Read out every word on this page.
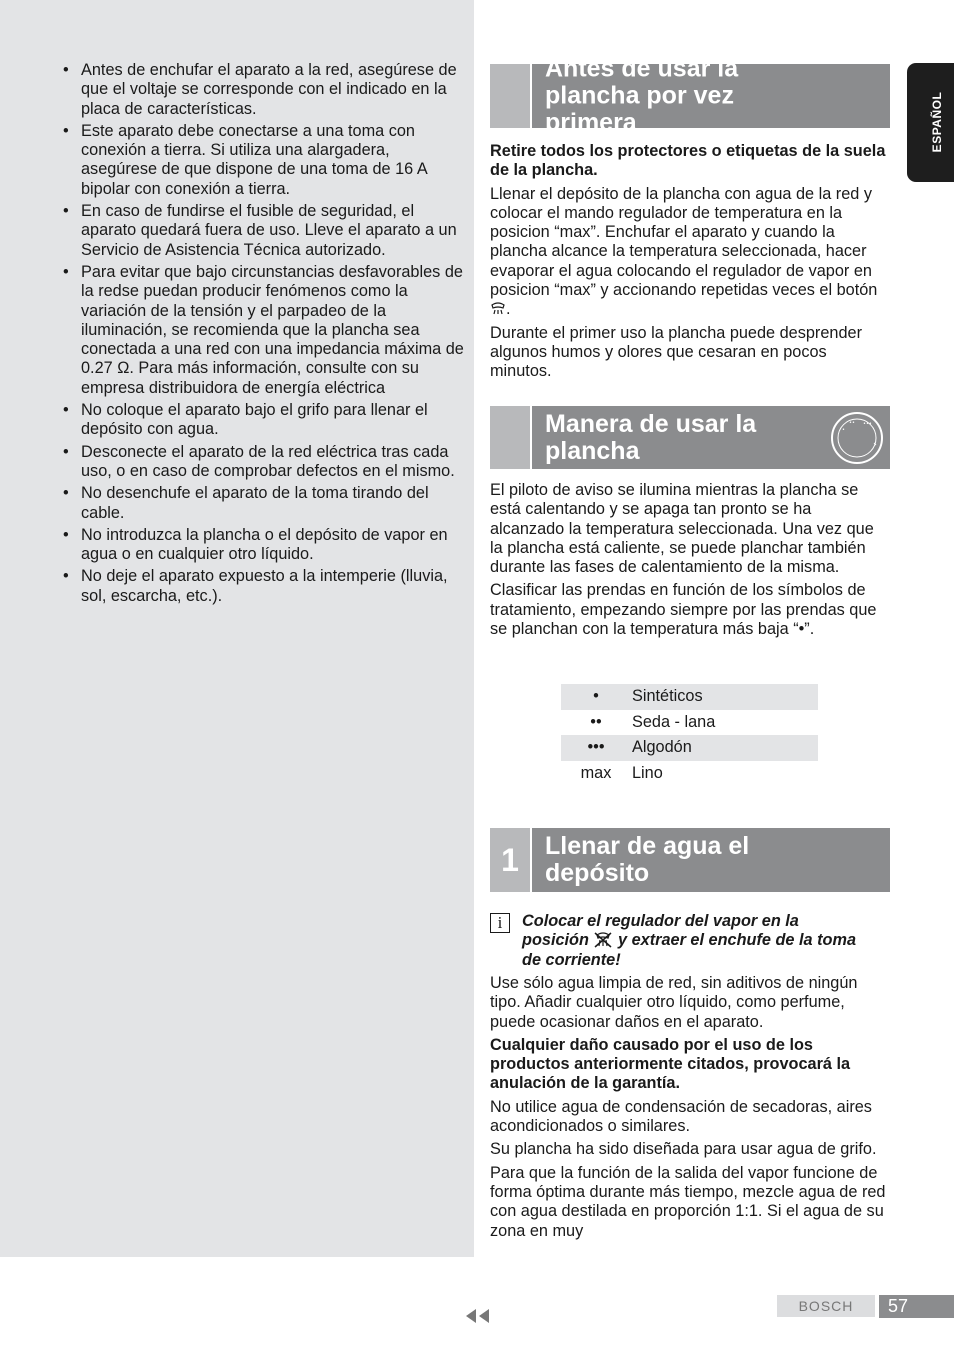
• Antes de enchufar el aparato a la red, asegúrese de que el voltaje se corresponde con el indicado en la placa de características.
• Este aparato debe conectarse a una toma con conexión a tierra. Si utiliza una alargadera, asegúrese de que dispone de una toma de 16 A bipolar con conexión a tierra.
• En caso de fundirse el fusible de seguridad, el aparato quedará fuera de uso. Lleve el aparato a un Servicio de Asistencia Técnica autorizado.
• Para evitar que bajo circunstancias desfavorables de la redse puedan producir fenómenos como la variación de la tensión y el parpadeo de la iluminación, se recomienda que la plancha sea conectada a una red con una impedancia máxima de 0.27 Ω. Para más información, consulte con su empresa distribuidora de energía eléctrica
• No coloque el aparato bajo el grifo para llenar el depósito con agua.
• Desconecte el aparato de la red eléctrica tras cada uso, o en caso de comprobar defectos en el mismo.
• No desenchufe el aparato de la toma tirando del cable.
• No introduzca la plancha o el depósito de vapor en agua o en cualquier otro líquido.
• No deje el aparato expuesto a la intemperie (lluvia, sol, escarcha, etc.).
Antes de usar la plancha por vez primera

Retire todos los protectores o etiquetas de la suela de la plancha.

Llenar el depósito de la plancha con agua de la red y colocar el mando regulador de temperatura en la posicion “max”. Enchufar el aparato y cuando la plancha alcance la temperatura seleccionada, hacer evaporar el agua colocando el regulador de vapor en posicion “max” y accionando repetidas veces el botón .

Durante el primer uso la plancha puede desprender algunos humos y olores que cesaran en pocos minutos.

Manera de usar la plancha
•
•• •••

El piloto de aviso se ilumina mientras la plancha se está calentando y se apaga tan pronto se ha alcanzado la temperatura seleccionada. Una vez que la plancha está caliente, se puede planchar también durante las fases de calentamiento de la misma.

Clasificar las prendas en función de los símbolos de tratamiento, empezando siempre por las prendas que se planchan con la temperatura más baja “•”.

•	Sintéticos
••	Seda - lana
•••	Algodón
max	Lino
1	Llenar de agua el depósito
i	Colocar el regulador del vapor en la posición y extraer el enchufe de la toma de corriente!

Use sólo agua limpia de red, sin aditivos de ningún tipo. Añadir cualquier otro líquido, como perfume, puede ocasionar daños en el aparato.

Cualquier daño causado por el uso de los productos anteriormente citados, provocará la anulación de la garantía.

No utilice agua de condensación de secadoras, aires acondicionados o similares.

Su plancha ha sido diseñada para usar agua de grifo.

Para que la función de la salida del vapor funcione de forma óptima durante más tiempo, mezcle agua de red con agua destilada en proporción 1:1. Si el agua de su zona en muy

ESPAÑOL
BOSCH	57
